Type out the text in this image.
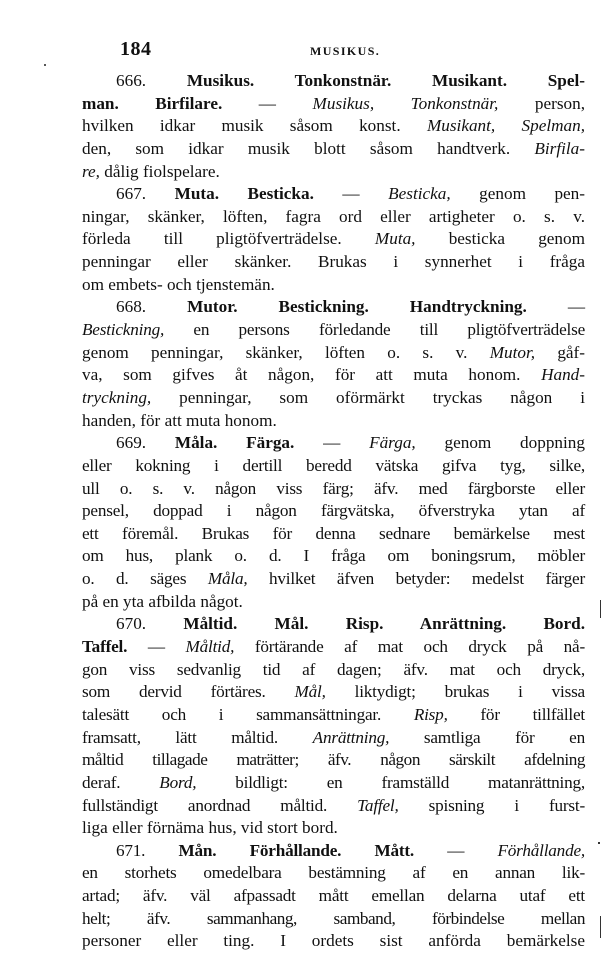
184	MUSIKUS.
666. Musikus. Tonkonstnär. Musikant. Spel-
man. Birfilare. — Musikus, Tonkonstnär, person,
hvilken idkar musik såsom konst. Musikant, Spelman,
den, som idkar musik blott såsom handtverk. Birfila-
re, dålig fiolspelare.
667. Muta. Besticka. — Besticka, genom pen-
ningar, skänker, löften, fagra ord eller artigheter o. s. v.
förleda till pligtöfverträdelse. Muta, besticka genom
penningar eller skänker. Brukas i synnerhet i fråga
om embets- och tjenstemän.
668. Mutor. Bestickning. Handtryckning. —
Bestickning, en persons förledande till pligtöfverträdelse
genom penningar, skänker, löften o. s. v. Mutor, gåf-
va, som gifves åt någon, för att muta honom. Hand-
tryckning, penningar, som oförmärkt tryckas någon i
handen, för att muta honom.
669. Måla. Färga. — Färga, genom doppning
eller kokning i dertill beredd vätska gifva tyg, silke,
ull o. s. v. någon viss färg; äfv. med färgborste eller
pensel, doppad i någon färgvätska, öfverstryka ytan af
ett föremål. Brukas för denna sednare bemärkelse mest
om hus, plank o. d. I fråga om boningsrum, möbler
o. d. säges Måla, hvilket äfven betyder: medelst färger
på en yta afbilda något.
670. Måltid. Mål. Risp. Anrättning. Bord.
Taffel. — Måltid, förtärande af mat och dryck på nå-
gon viss sedvanlig tid af dagen; äfv. mat och dryck,
som dervid förtäres. Mål, liktydigt; brukas i vissa
talesätt och i sammansättningar. Risp, för tillfället
framsatt, lätt måltid. Anrättning, samtliga för en
måltid tillagade maträtter; äfv. någon särskilt afdelning
deraf. Bord, bildligt: en framställd matanrättning,
fullständigt anordnad måltid. Taffel, spisning i furst-
liga eller förnäma hus, vid stort bord.
671. Mån. Förhållande. Mått. — Förhållande,
en storhets omedelbara bestämning af en annan lik-
artad; äfv. väl afpassadt mått emellan delarna utaf ett
helt; äfv. sammanhang, samband, förbindelse mellan
personer eller ting. I ordets sist anförda bemärkelse
